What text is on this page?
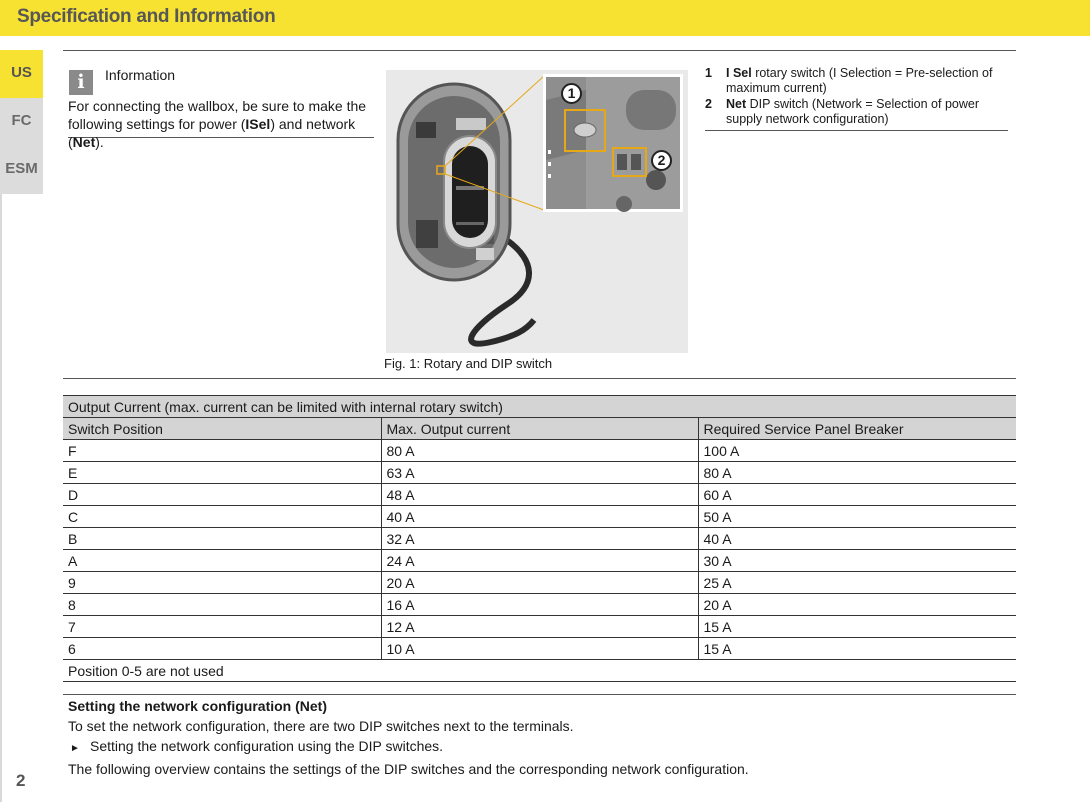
Specification and Information
US
FC
ESM
2
i	Information
For connecting the wallbox, be sure to make the following settings for power (ISel) and network (Net).
1
2
Fig. 1: Rotary and DIP switch
1 I Sel rotary switch (I Selection = Pre-selection of maximum current)
2 Net DIP switch (Network = Selection of power supply network configuration)
Output Current (max. current can be limited with internal rotary switch)		
Switch Position	Max. Output current	Required Service Panel Breaker
F	80 A	100 A
E	63 A	80 A
D	48 A	60 A
C	40 A	50 A
B	32 A	40 A
A	24 A	30 A
9	20 A	25 A
8	16 A	20 A
7	12 A	15 A
6	10 A	15 A
Position 0-5 are not used		
Setting the network configuration (Net)
To set the network configuration, there are two DIP switches next to the terminals.
► Setting the network configuration using the DIP switches.
The following overview contains the settings of the DIP switches and the corresponding network configuration.
